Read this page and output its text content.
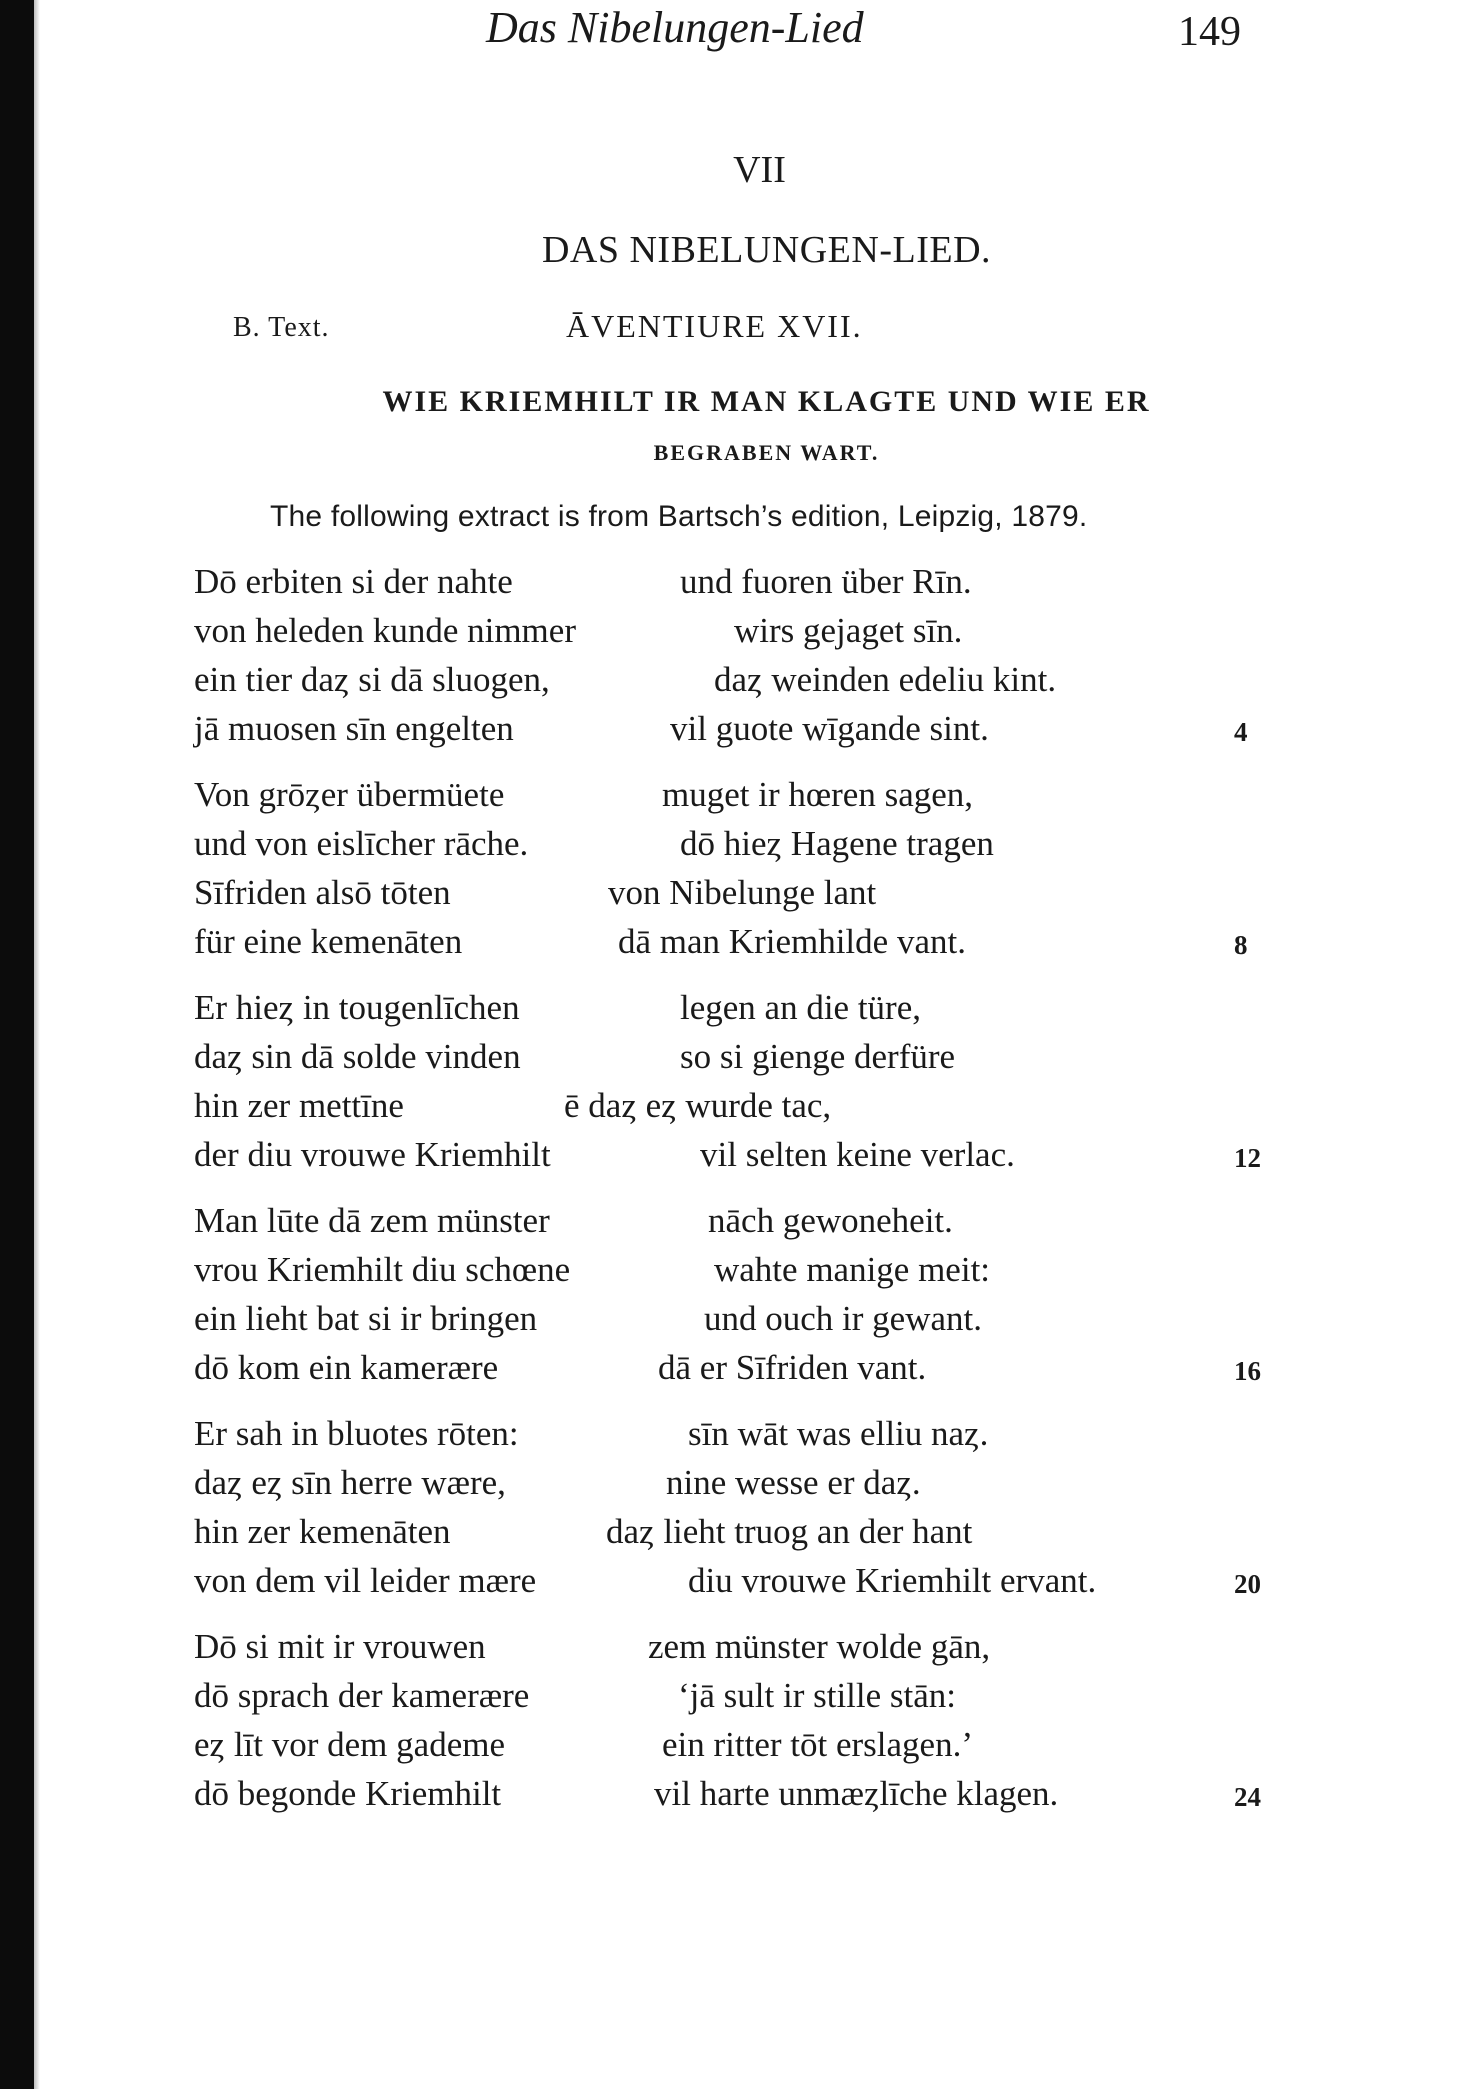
Das Nibelungen-Lied	149
VII
DAS NIBELUNGEN-LIED.
B. Text.	ĀVENTIURE XVII.
WIE KRIEMHILT IR MAN KLAGTE UND WIE ER
BEGRABEN WART.
The following extract is from Bartsch’s edition, Leipzig, 1879.
Dō erbiten si der nahte	und fuoren über Rīn.
von heleden kunde nimmer	wirs gejaget sīn.
ein tier daȥ si dā sluogen,	daȥ weinden edeliu kint.
jā muosen sīn engelten	vil guote wīgande sint.	4
Von grōȥer übermüete	muget ir hœren sagen,
und von eislīcher rāche.	dō hieȥ Hagene tragen
Sīfriden alsō tōten	von Nibelunge lant
für eine kemenāten	dā man Kriemhilde vant.	8
Er hieȥ in tougenlīchen	legen an die türe,
daȥ sin dā solde vinden	so si gienge derfüre
hin zer mettīne	ē daȥ eȥ wurde tac,
der diu vrouwe Kriemhilt	vil selten keine verlac.	12
Man lūte dā zem münster	nāch gewoneheit.
vrou Kriemhilt diu schœne	wahte manige meit:
ein lieht bat si ir bringen	und ouch ir gewant.
dō kom ein kamerære	dā er Sīfriden vant.	16
Er sah in bluotes rōten:	sīn wāt was elliu naȥ.
daȥ eȥ sīn herre wære,	nine wesse er daȥ.
hin zer kemenāten	daȥ lieht truog an der hant
von dem vil leider mære	diu vrouwe Kriemhilt ervant.	20
Dō si mit ir vrouwen	zem münster wolde gān,
dō sprach der kamerære	‘jā sult ir stille stān:
eȥ līt vor dem gademe	ein ritter tōt erslagen.’
dō begonde Kriemhilt	vil harte unmæȥlīche klagen.	24
